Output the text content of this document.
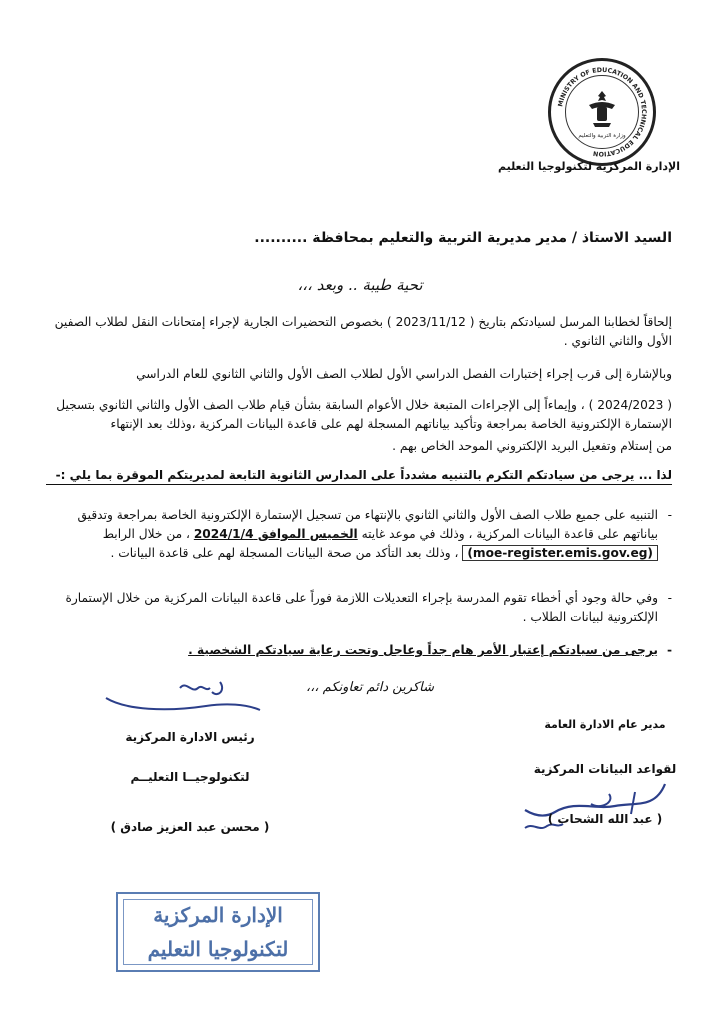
MINISTRY OF EDUCATION AND TECHNICAL EDUCATION
وزارة التربية والتعليم
الإدارة المركزية لتكنولوجيا التعليم
السيد الاستاذ / مدير مديرية التربية والتعليم بمحافظة ..........
تحية طيبة .. وبعد ،،،
إلحاقاً لخطابنا المرسل لسيادتكم بتاريخ ( 2023/11/12 ) بخصوص التحضيرات الجارية لإجراء إمتحانات النقل لطلاب الصفين الأول والثاني الثانوي .
وبالإشارة إلى قرب إجراء إختبارات الفصل الدراسي الأول لطلاب الصف الأول والثاني الثانوي للعام الدراسي
( 2024/2023 ) ، وإيماءاً إلى الإجراءات المتبعة خلال الأعوام السابقة بشأن قيام طلاب الصف الأول والثاني الثانوي بتسجيل الإستمارة الإلكترونية الخاصة بمراجعة وتأكيد بياناتهم المسجلة لهم على قاعدة البيانات المركزية ،وذلك بعد الإنتهاء
من إستلام وتفعيل البريد الإلكتروني الموحد الخاص بهم .
لذا ... يرجى من سيادتكم التكرم بالتنبيه مشدداً على المدارس الثانوية التابعة لمديريتكم الموقرة بما يلي :-
- التنبيه على جميع طلاب الصف الأول والثاني الثانوي بالإنتهاء من تسجيل الإستمارة الإلكترونية الخاصة بمراجعة وتدقيق بياناتهم على قاعدة البيانات المركزية ، وذلك في موعد غايته الخميس الموافق 2024/1/4 ، من خلال الرابط (moe-register.emis.gov.eg) ، وذلك بعد التأكد من صحة البيانات المسجلة لهم على قاعدة البيانات .
- وفي حالة وجود أي أخطاء تقوم المدرسة بإجراء التعديلات اللازمة فوراً على قاعدة البيانات المركزية من خلال الإستمارة الإلكترونية لبيانات الطلاب .
- يرجى من سيادتكم إعتبار الأمر هام جداً وعاجل وتحت رعاية سيادتكم الشخصية .
شاكرين دائم تعاونكم ،،،
مدير عام الادارة العامة
لقواعد البيانات المركزية
( عبد الله الشحات )
رئيس الادارة المركزية
لتكنولوجيــا التعليــم
( محسن عبد العزيز صادق )
الإدارة المركزية
لتكنولوجيا التعليم
